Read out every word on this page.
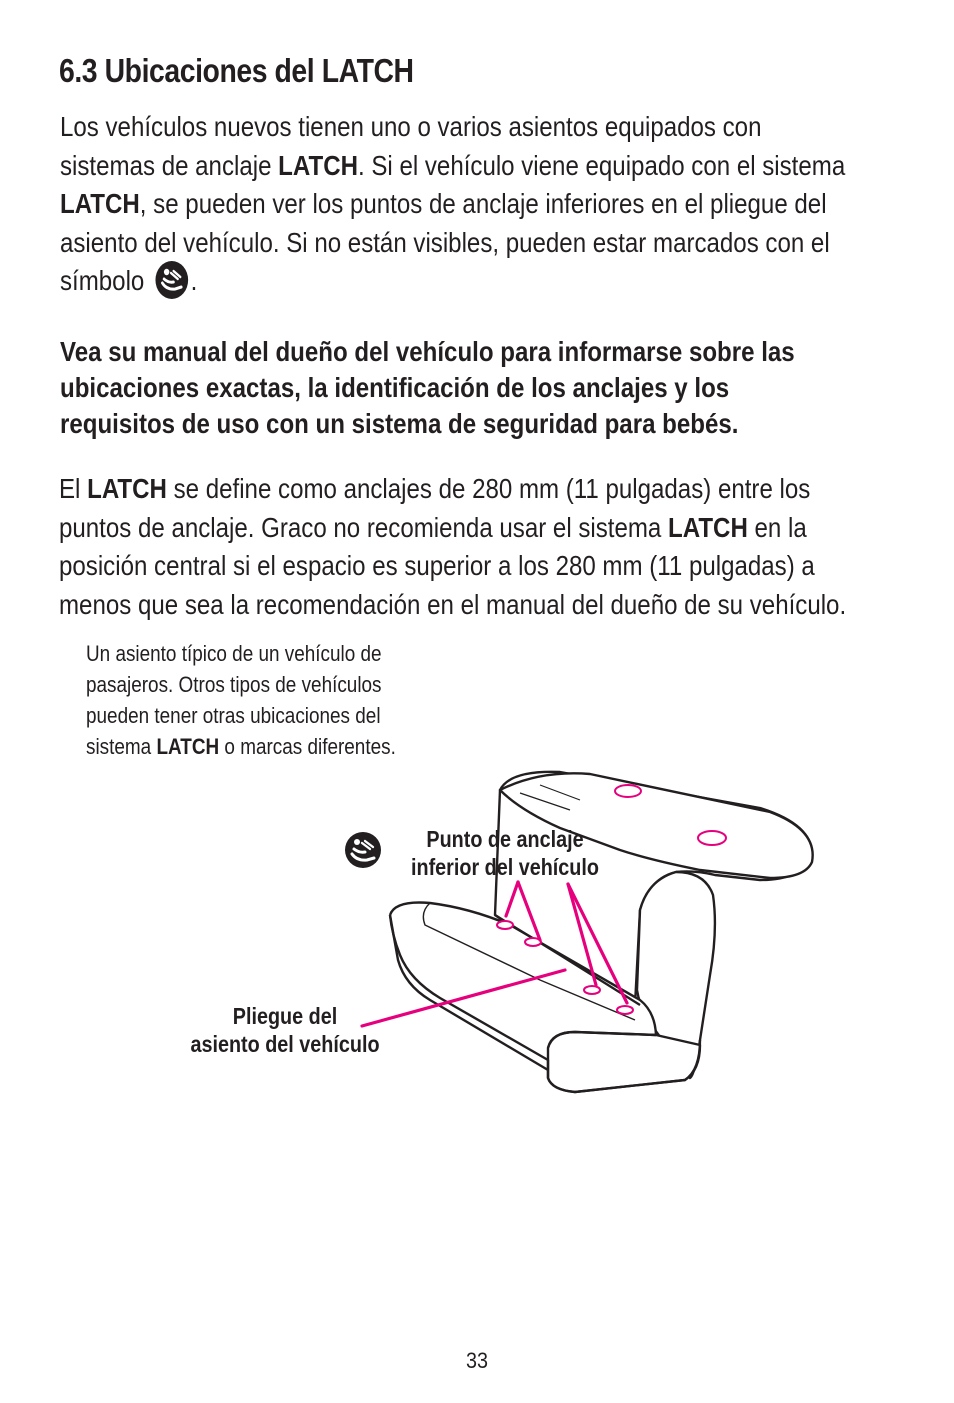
6.3 Ubicaciones del LATCH
Los vehículos nuevos tienen uno o varios asientos equipados con
sistemas de anclaje LATCH. Si el vehículo viene equipado con el sistema
LATCH, se pueden ver los puntos de anclaje inferiores en el pliegue del
asiento del vehículo. Si no están visibles, pueden estar marcados con el
símbolo .
Vea su manual del dueño del vehículo para informarse sobre las
ubicaciones exactas, la identificación de los anclajes y los
requisitos de uso con un sistema de seguridad para bebés.
El LATCH se define como anclajes de 280 mm (11 pulgadas) entre los
puntos de anclaje. Graco no recomienda usar el sistema LATCH en la
posición central si el espacio es superior a los 280 mm (11 pulgadas) a
menos que sea la recomendación en el manual del dueño de su vehículo.
Un asiento típico de un vehículo de
pasajeros. Otros tipos de vehículos
pueden tener otras ubicaciones del
sistema LATCH o marcas diferentes.
Punto de anclaje
inferior del vehículo
Pliegue del
asiento del vehículo
33
